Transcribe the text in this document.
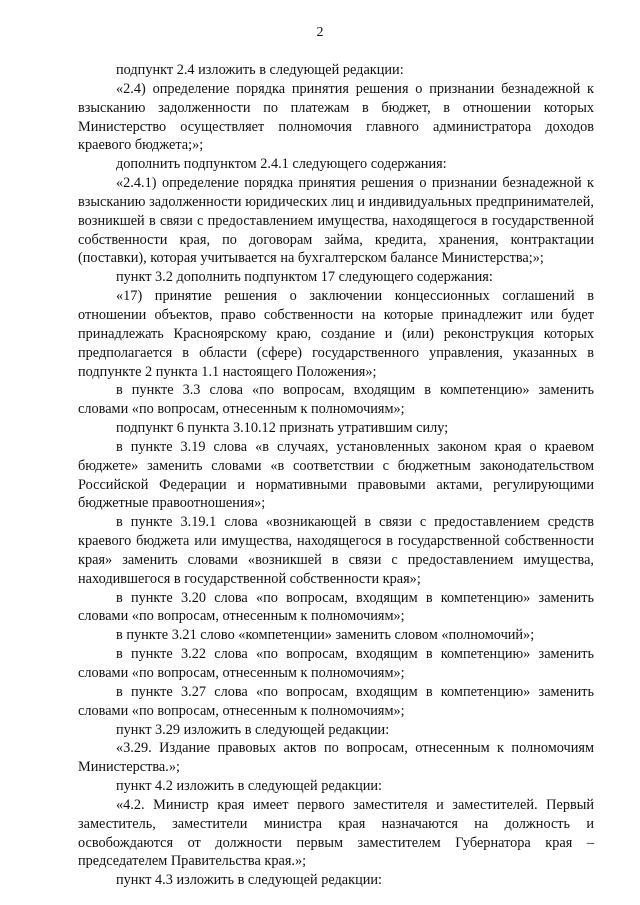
2

подпункт 2.4 изложить в следующей редакции:

«2.4) определение порядка принятия решения о признании безнадежной к взысканию задолженности по платежам в бюджет, в отношении которых Министерство осуществляет полномочия главного администратора доходов краевого бюджета;»;

дополнить подпунктом 2.4.1 следующего содержания:

«2.4.1) определение порядка принятия решения о признании безнадежной к взысканию задолженности юридических лиц и индивидуальных предпринимателей, возникшей в связи с предоставлением имущества, находящегося в государственной собственности края, по договорам займа, кредита, хранения, контрактации (поставки), которая учитывается на бухгалтерском балансе Министерства;»;

пункт 3.2 дополнить подпунктом 17 следующего содержания:

«17) принятие решения о заключении концессионных соглашений в отношении объектов, право собственности на которые принадлежит или будет принадлежать Красноярскому краю, создание и (или) реконструкция которых предполагается в области (сфере) государственного управления, указанных в подпункте 2 пункта 1.1 настоящего Положения»;

в пункте 3.3 слова «по вопросам, входящим в компетенцию» заменить словами «по вопросам, отнесенным к полномочиям»;

подпункт 6 пункта 3.10.12 признать утратившим силу;

в пункте 3.19 слова «в случаях, установленных законом края о краевом бюджете» заменить словами «в соответствии с бюджетным законодательством Российской Федерации и нормативными правовыми актами, регулирующими бюджетные правоотношения»;

в пункте 3.19.1 слова «возникающей в связи с предоставлением средств краевого бюджета или имущества, находящегося в государственной собственности края» заменить словами «возникшей в связи с предоставлением имущества, находившегося в государственной собственности края»;

в пункте 3.20 слова «по вопросам, входящим в компетенцию» заменить словами «по вопросам, отнесенным к полномочиям»;

в пункте 3.21 слово «компетенции» заменить словом «полномочий»;

в пункте 3.22 слова «по вопросам, входящим в компетенцию» заменить словами «по вопросам, отнесенным к полномочиям»;

в пункте 3.27 слова «по вопросам, входящим в компетенцию» заменить словами «по вопросам, отнесенным к полномочиям»;

пункт 3.29 изложить в следующей редакции:

«3.29. Издание правовых актов по вопросам, отнесенным к полномочиям Министерства.»;

пункт 4.2 изложить в следующей редакции:

«4.2. Министр края имеет первого заместителя и заместителей. Первый заместитель, заместители министра края назначаются на должность и освобождаются от должности первым заместителем Губернатора края – председателем Правительства края.»;

пункт 4.3 изложить в следующей редакции:
